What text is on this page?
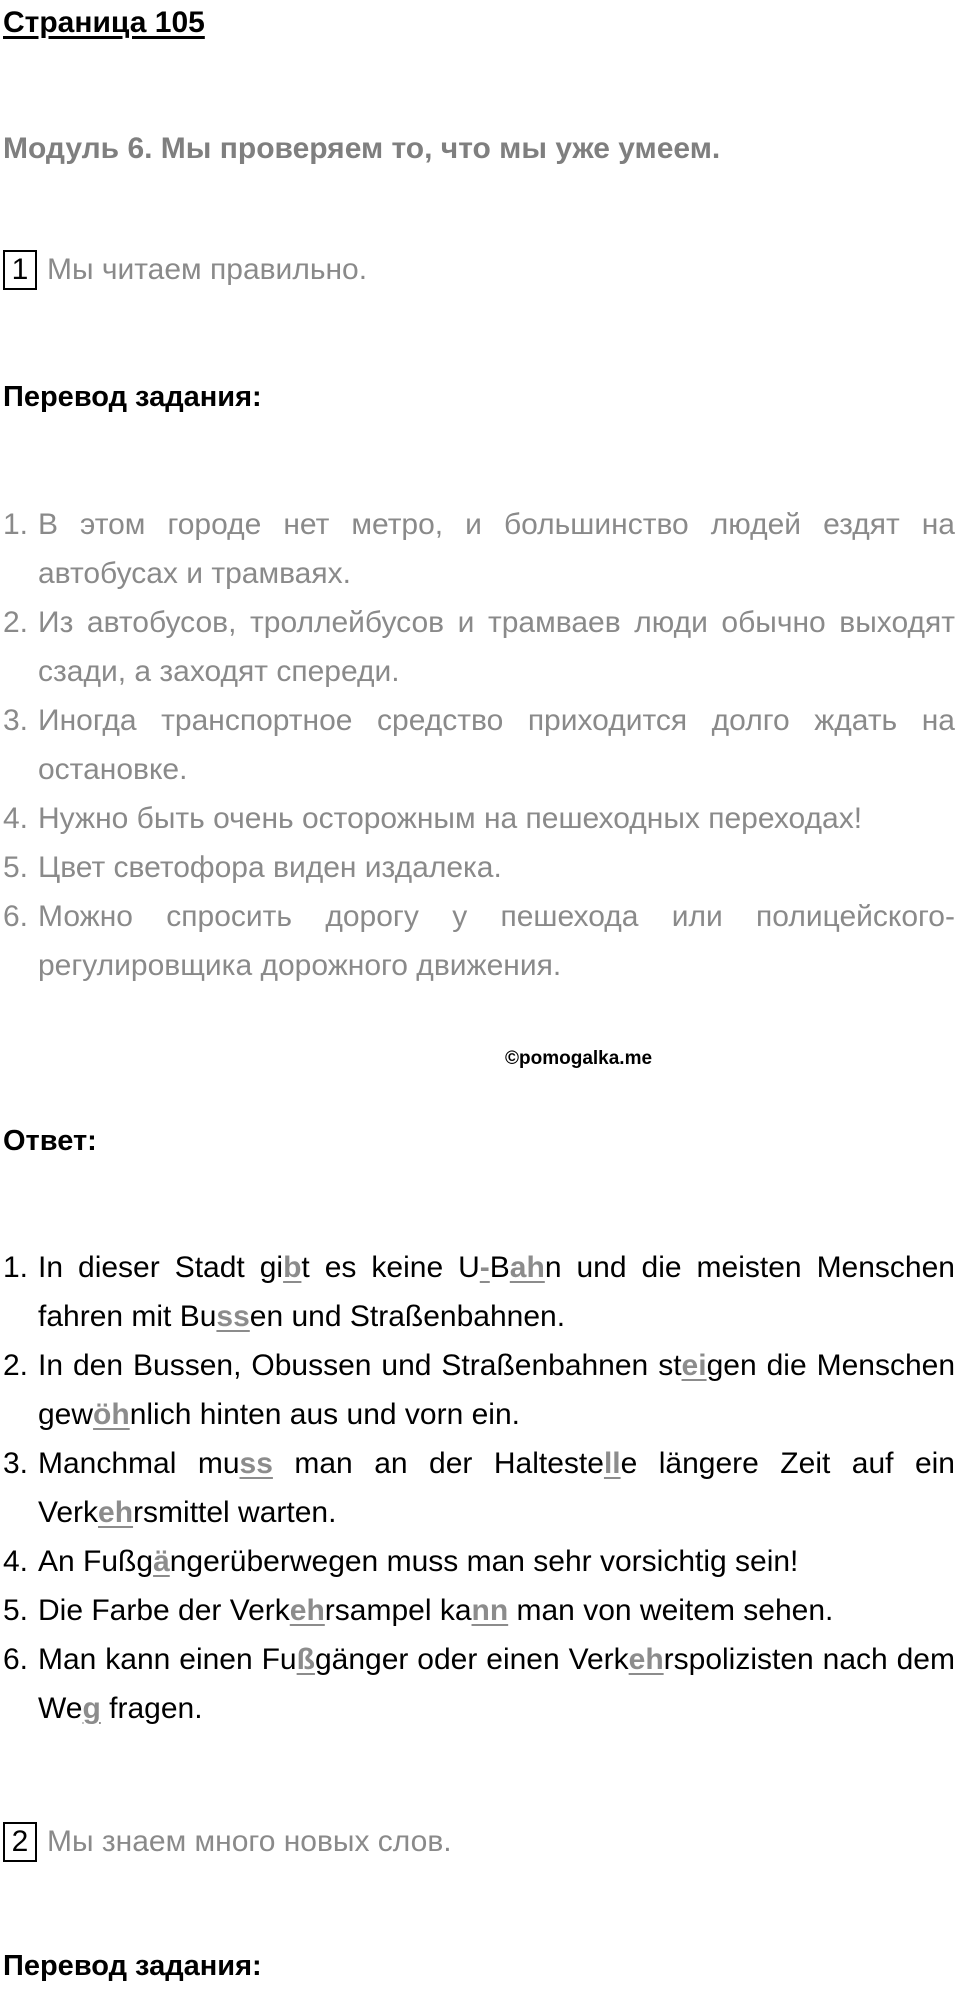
Страница 105
Модуль 6. Мы проверяем то, что мы уже умеем.
1 Мы читаем правильно.
Перевод задания:
1. В этом городе нет метро, и большинство людей ездят на автобусах и трамваях.
2. Из автобусов, троллейбусов и трамваев люди обычно выходят сзади, а заходят спереди.
3. Иногда транспортное средство приходится долго ждать на остановке.
4. Нужно быть очень осторожным на пешеходных переходах!
5. Цвет светофора виден издалека.
6. Можно спросить дорогу у пешехода или полицейского-регулировщика дорожного движения.
©pomogalka.me
Ответ:
1. In dieser Stadt gibt es keine U-Bahn und die meisten Menschen fahren mit Bussen und Straßenbahnen.
2. In den Bussen, Obussen und Straßenbahnen steigen die Menschen gewöhnlich hinten aus und vorn ein.
3. Manchmal muss man an der Haltestelle längere Zeit auf ein Verkehrsmittel warten.
4. An Fußgängerüberwegen muss man sehr vorsichtig sein!
5. Die Farbe der Verkehrsampel kann man von weitem sehen.
6. Man kann einen Fußgänger oder einen Verkehrspolizisten nach dem Weg fragen.
2 Мы знаем много новых слов.
Перевод задания:
